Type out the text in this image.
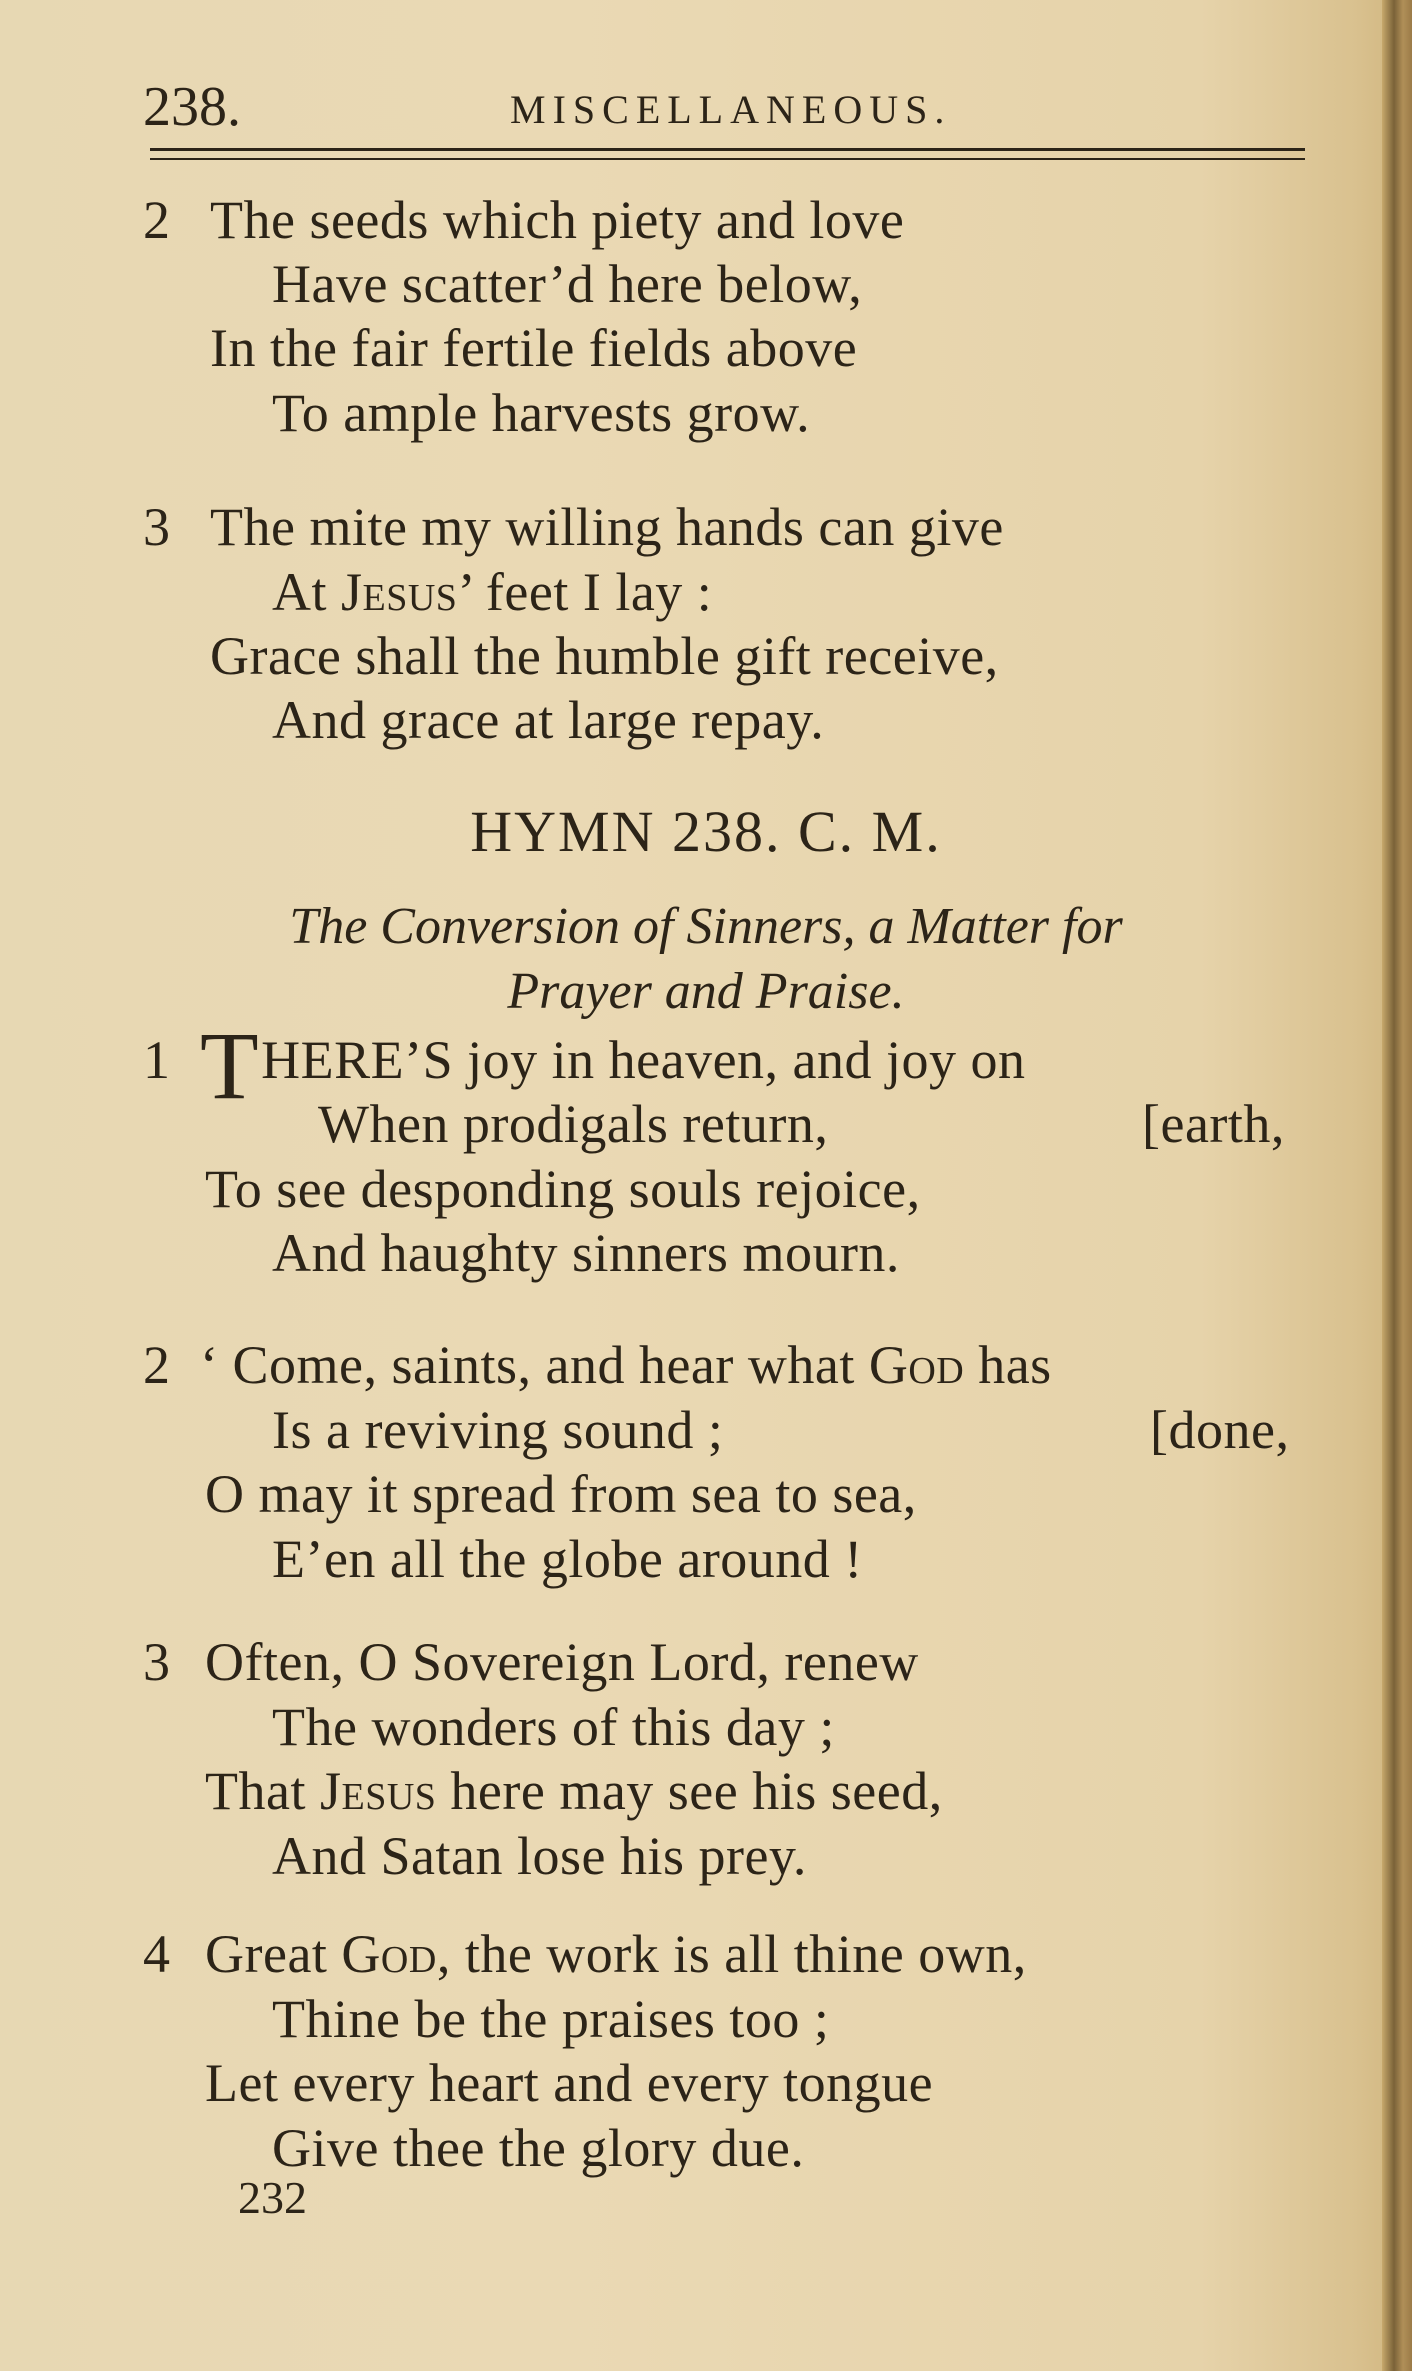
238.	MISCELLANEOUS.
2 The seeds which piety and love
Have scatter’d here below,
In the fair fertile fields above
To ample harvests grow.
3 The mite my willing hands can give
At Jesus’ feet I lay :
Grace shall the humble gift receive,
And grace at large repay.
HYMN 238. C. M.
The Conversion of Sinners, a Matter for
Prayer and Praise.
1 THERE’S joy in heaven, and joy on
When prodigals return,	[earth,
To see desponding souls rejoice,
And haughty sinners mourn.
2 ‘ Come, saints, and hear what God has
Is a reviving sound ;	[done,
O may it spread from sea to sea,
E’en all the globe around !
3 Often, O Sovereign Lord, renew
The wonders of this day ;
That Jesus here may see his seed,
And Satan lose his prey.
4 Great God, the work is all thine own,
Thine be the praises too ;
Let every heart and every tongue
Give thee the glory due.
232
